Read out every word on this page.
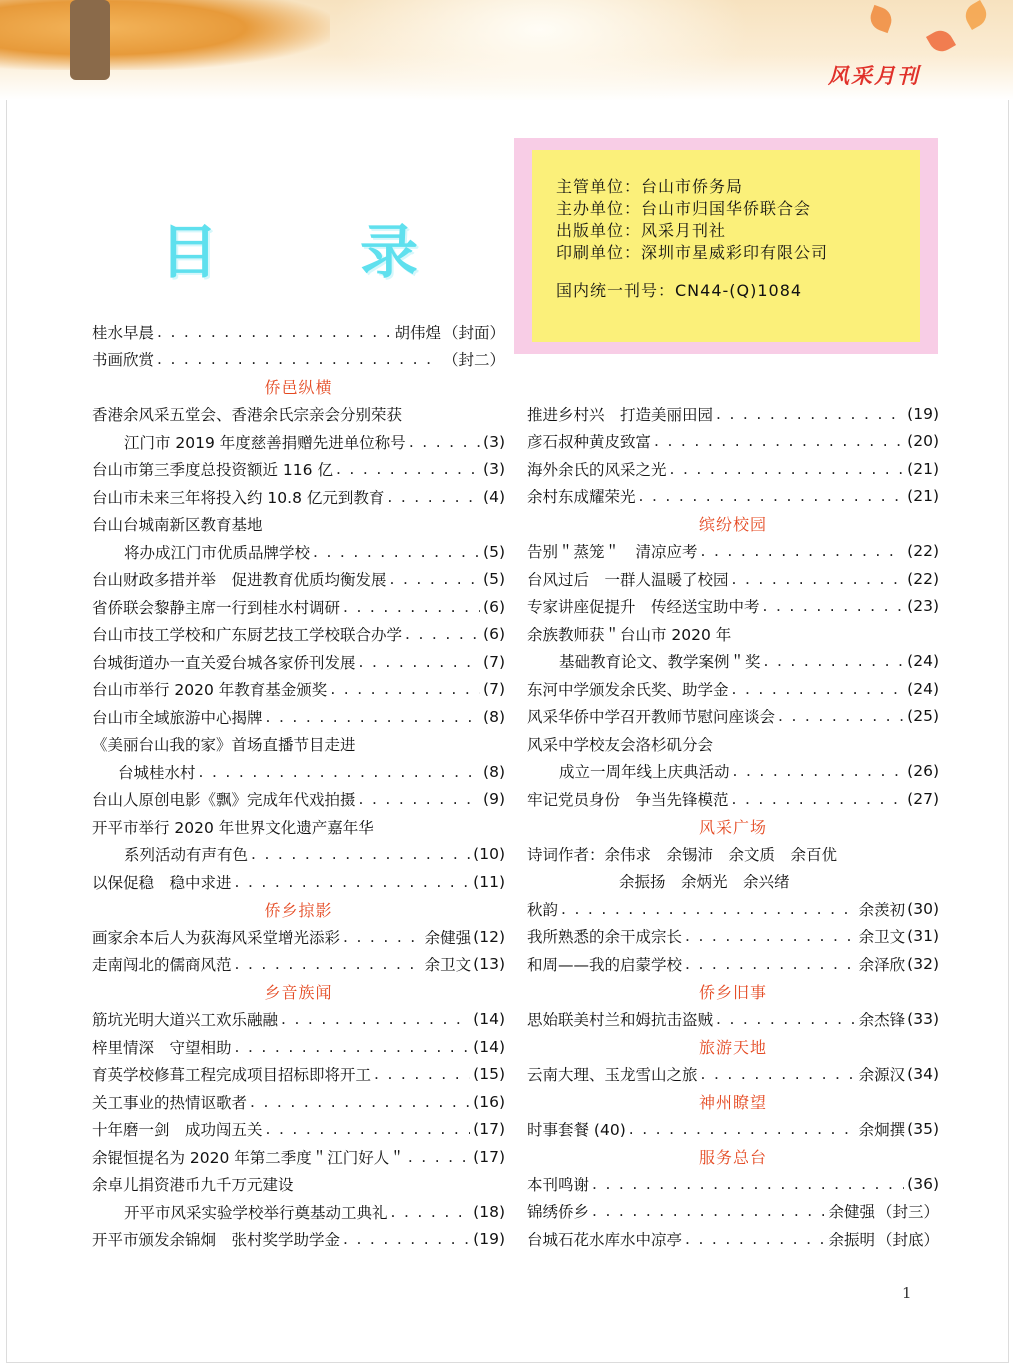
风采月刊
目 录
主管单位：台山市侨务局
主办单位：台山市归国华侨联合会
出版单位：风采月刊社
印刷单位：深圳市星威彩印有限公司
国内统一刊号：CN44-(Q)1084
桂水早晨 . . .	胡伟煌 （封面）
书画欣赏 . . .	（封二）
侨邑纵横
香港余风采五堂会、香港余氏宗亲会分别荣获
江门市 2019 年度慈善捐赠先进单位称号 . . .	(3)
台山市第三季度总投资额近 116 亿 . . .	(3)
台山市未来三年将投入约 10.8 亿元到教育 . . .	(4)
台山台城南新区教育基地
将办成江门市优质品牌学校 . . .	(5)
台山财政多措并举　促进教育优质均衡发展 . . .	(5)
省侨联会黎静主席一行到桂水村调研 . . .	(6)
台山市技工学校和广东厨艺技工学校联合办学 . . .	(6)
台城街道办一直关爱台城各家侨刊发展 . . .	(7)
台山市举行 2020 年教育基金颁奖 . . .	(7)
台山市全域旅游中心揭牌 . . .	(8)
《美丽台山我的家》首场直播节目走进
台城桂水村 . . .	(8)
台山人原创电影《飘》完成年代戏拍摄 . . .	(9)
开平市举行 2020 年世界文化遗产嘉年华
系列活动有声有色 . . .	(10)
以保促稳　稳中求进 . . .	(11)
侨乡掠影
画家余本后人为荻海风采堂增光添彩 . . .	余健强 (12)
走南闯北的儒商风范 . . .	余卫文 (13)
乡音族闻
筋坑光明大道兴工欢乐融融 . . .	(14)
梓里情深　守望相助 . . .	(14)
育英学校修葺工程完成项目招标即将开工 . . .	(15)
关工事业的热情讴歌者 . . .	(16)
十年磨一剑　成功闯五关 . . .	(17)
余锟恒提名为 2020 年第二季度＂江门好人＂ . . .	(17)
余卓儿捐资港币九千万元建设
开平市风采实验学校举行奠基动工典礼 . . .	(18)
开平市颁发余锦炯　张村奖学助学金 . . .	(19)
推进乡村兴　打造美丽田园 . . .	(19)
彦石叔种黄皮致富 . . .	(20)
海外余氏的风采之光 . . .	(21)
余村东成耀荣光 . . .	(21)
缤纷校园
告别＂蒸笼＂　清凉应考 . . .	(22)
台风过后　一群人温暖了校园 . . .	(22)
专家讲座促提升　传经送宝助中考 . . .	(23)
余族教师获＂台山市 2020 年
基础教育论文、教学案例＂奖 . . .	(24)
东河中学颁发余氏奖、助学金 . . .	(24)
风采华侨中学召开教师节慰问座谈会 . . .	(25)
风采中学校友会洛杉矶分会
成立一周年线上庆典活动 . . .	(26)
牢记党员身份　争当先锋模范 . . .	(27)
风采广场
诗词作者：余伟求　余锡沛　余文质　余百优
余振扬　余炳光　余兴绪
秋韵 . . .	余羡初 (30)
我所熟悉的余干成宗长 . . .	余卫文 (31)
和周——我的启蒙学校 . . .	余泽欣 (32)
侨乡旧事
思始联美村兰和姆抗击盗贼 . . .	余杰锋 (33)
旅游天地
云南大理、玉龙雪山之旅 . . .	余源汉 (34)
神州瞭望
时事套餐 (40) . . .	余炯撰 (35)
服务总台
本刊鸣谢 . . .	(36)
锦绣侨乡 . . .	余健强 （封三）
台城石花水库水中凉亭 . . .	余振明 （封底）
1
